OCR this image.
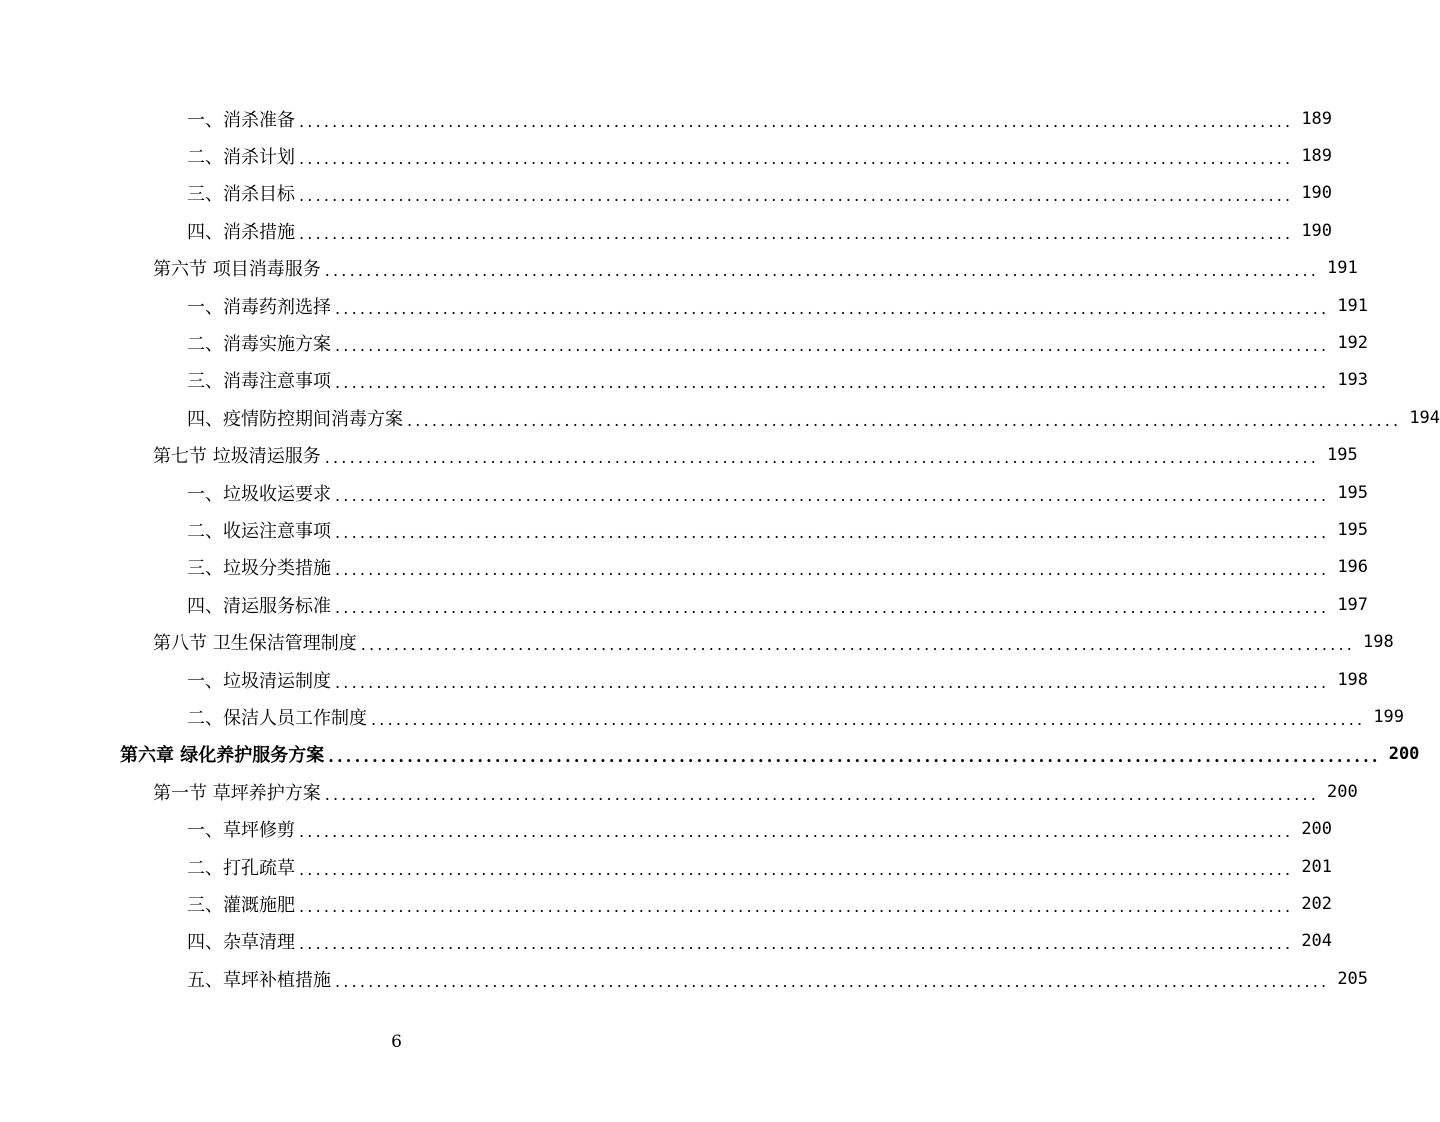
一、消杀准备 ........................................................................................................................ 189
二、消杀计划 ........................................................................................................................ 189
三、消杀目标 ........................................................................................................................ 190
四、消杀措施 ........................................................................................................................ 190
第六节 项目消毒服务 ........................................................................................................................ 191
一、消毒药剂选择 ........................................................................................................................ 191
二、消毒实施方案 ........................................................................................................................ 192
三、消毒注意事项 ........................................................................................................................ 193
四、疫情防控期间消毒方案 ........................................................................................................................ 194
第七节 垃圾清运服务 ........................................................................................................................ 195
一、垃圾收运要求 ........................................................................................................................ 195
二、收运注意事项 ........................................................................................................................ 195
三、垃圾分类措施 ........................................................................................................................ 196
四、清运服务标准 ........................................................................................................................ 197
第八节 卫生保洁管理制度 ........................................................................................................................ 198
一、垃圾清运制度 ........................................................................................................................ 198
二、保洁人员工作制度 ........................................................................................................................ 199
第六章 绿化养护服务方案 ........................................................................................................................ 200
第一节 草坪养护方案 ........................................................................................................................ 200
一、草坪修剪 ........................................................................................................................ 200
二、打孔疏草 ........................................................................................................................ 201
三、灌溉施肥 ........................................................................................................................ 202
四、杂草清理 ........................................................................................................................ 204
五、草坪补植措施 ........................................................................................................................ 205
6
